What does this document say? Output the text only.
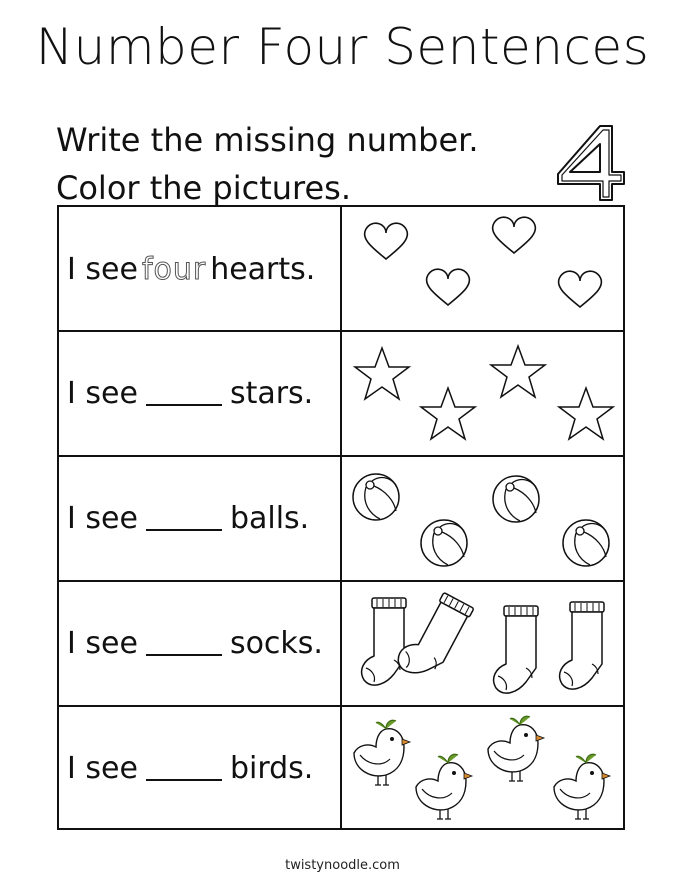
Number Four Sentences
Write the missing number.
Color the pictures.
I see four hearts.
I see	stars.
I see	balls.
I see	socks.
I see	birds.
twistynoodle.com
